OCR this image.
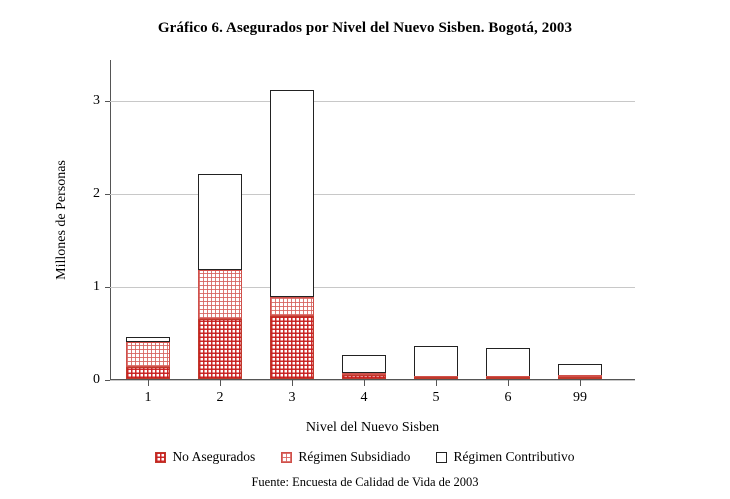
Gráfico 6. Asegurados por Nivel del Nuevo Sisben. Bogotá, 2003
Millones de Personas
0
1
2
3
1	2	3	4	5	6	99
Nivel del Nuevo Sisben
No Asegurados	Régimen Subsidiado	Régimen Contributivo
Fuente: Encuesta de Calidad de Vida de 2003
